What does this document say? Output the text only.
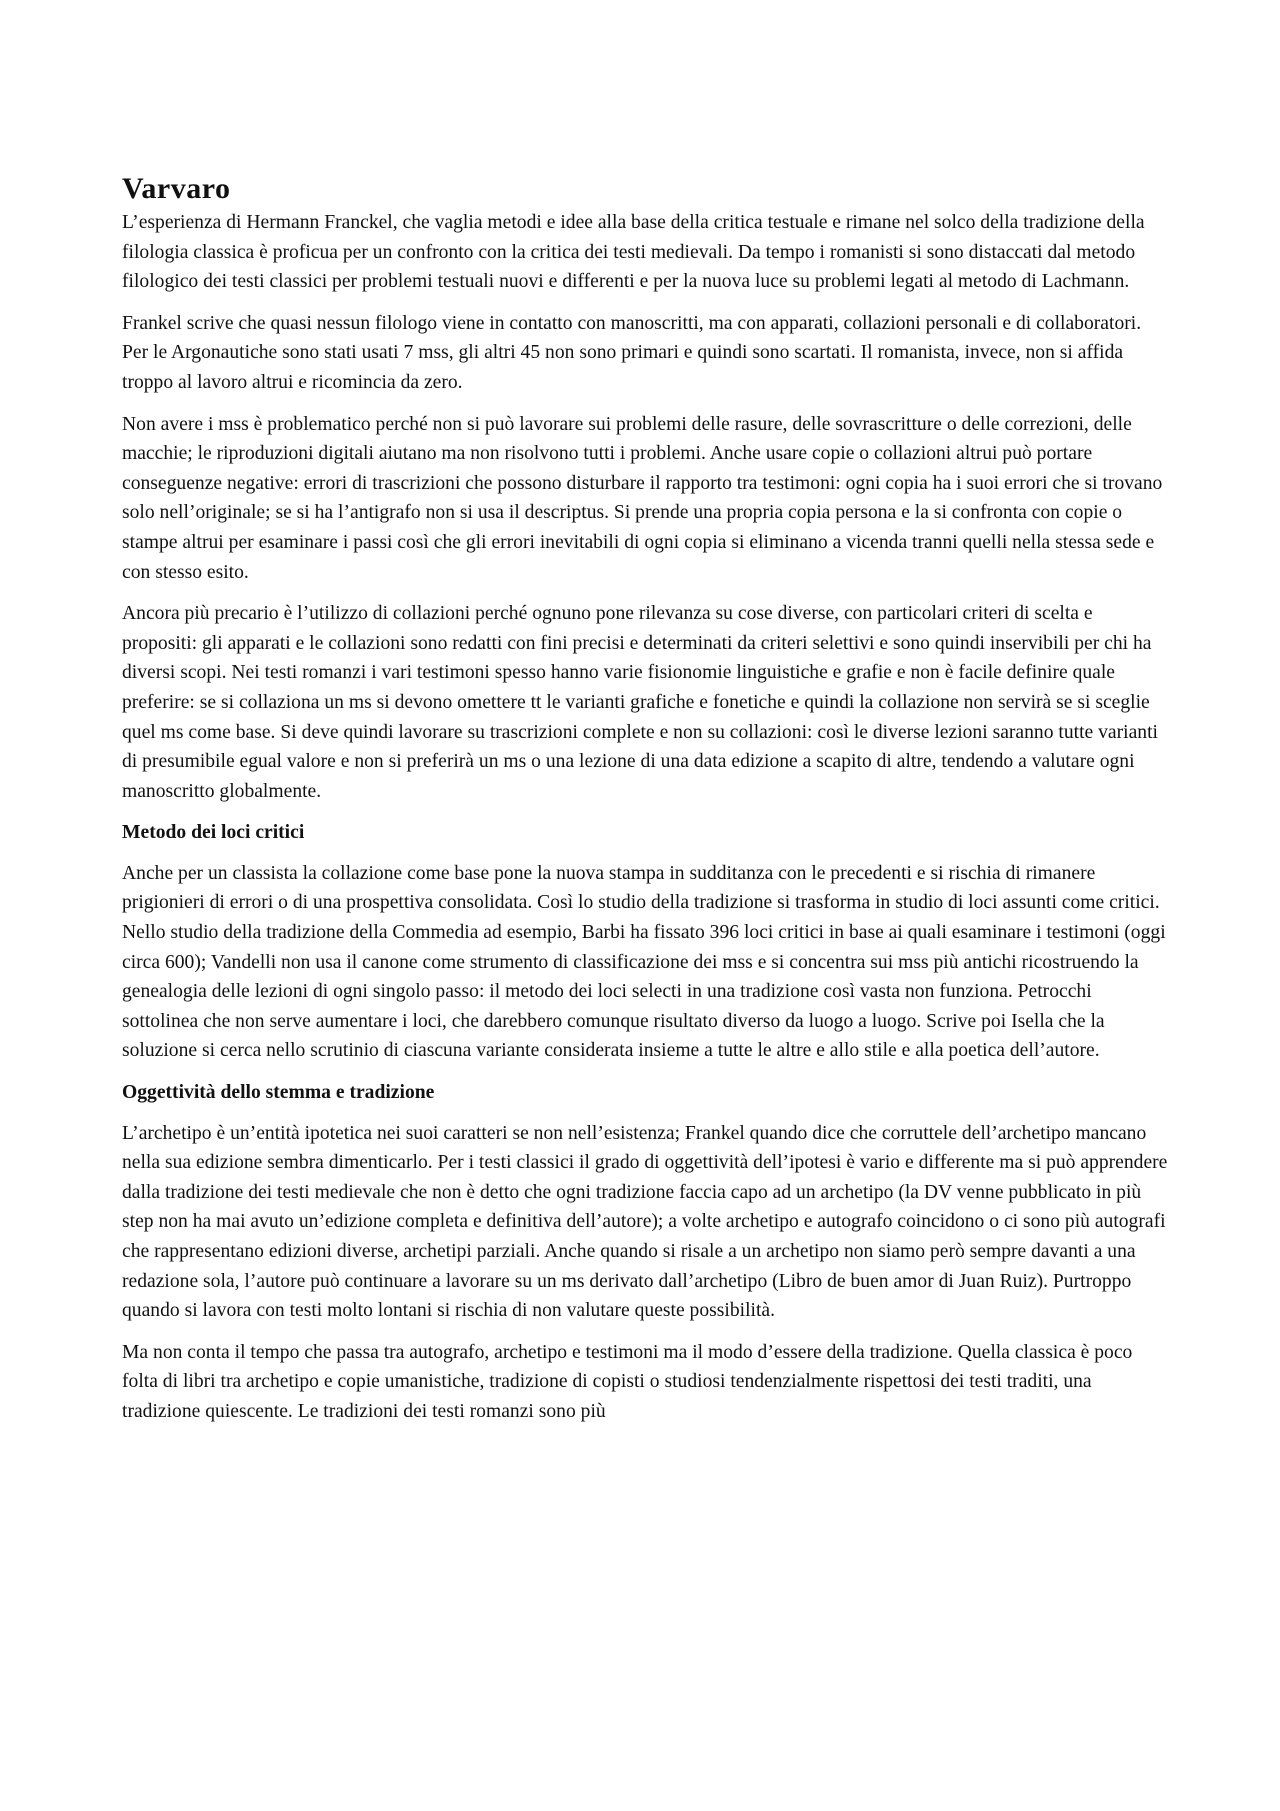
Varvaro

L’esperienza di Hermann Franckel, che vaglia metodi e idee alla base della critica testuale e rimane nel solco della tradizione della filologia classica è proficua per un confronto con la critica dei testi medievali. Da tempo i romanisti si sono distaccati dal metodo filologico dei testi classici per problemi testuali nuovi e differenti e per la nuova luce su problemi legati al metodo di Lachmann.

Frankel scrive che quasi nessun filologo viene in contatto con manoscritti, ma con apparati, collazioni personali e di collaboratori. Per le Argonautiche sono stati usati 7 mss, gli altri 45 non sono primari e quindi sono scartati. Il romanista, invece, non si affida troppo al lavoro altrui e ricomincia da zero.

Non avere i mss è problematico perché non si può lavorare sui problemi delle rasure, delle sovrascritture o delle correzioni, delle macchie; le riproduzioni digitali aiutano ma non risolvono tutti i problemi. Anche usare copie o collazioni altrui può portare conseguenze negative: errori di trascrizioni che possono disturbare il rapporto tra testimoni: ogni copia ha i suoi errori che si trovano solo nell’originale; se si ha l’antigrafo non si usa il descriptus. Si prende una propria copia persona e la si confronta con copie o stampe altrui per esaminare i passi così che gli errori inevitabili di ogni copia si eliminano a vicenda tranni quelli nella stessa sede e con stesso esito.

Ancora più precario è l’utilizzo di collazioni perché ognuno pone rilevanza su cose diverse, con particolari criteri di scelta e propositi: gli apparati e le collazioni sono redatti con fini precisi e determinati da criteri selettivi e sono quindi inservibili per chi ha diversi scopi. Nei testi romanzi i vari testimoni spesso hanno varie fisionomie linguistiche e grafie e non è facile definire quale preferire: se si collaziona un ms si devono omettere tt le varianti grafiche e fonetiche e quindi la collazione non servirà se si sceglie quel ms come base. Si deve quindi lavorare su trascrizioni complete e non su collazioni: così le diverse lezioni saranno tutte varianti di presumibile egual valore e non si preferirà un ms o una lezione di una data edizione a scapito di altre, tendendo a valutare ogni manoscritto globalmente.

Metodo dei loci critici

Anche per un classista la collazione come base pone la nuova stampa in sudditanza con le precedenti e si rischia di rimanere prigionieri di errori o di una prospettiva consolidata. Così lo studio della tradizione si trasforma in studio di loci assunti come critici. Nello studio della tradizione della Commedia ad esempio, Barbi ha fissato 396 loci critici in base ai quali esaminare i testimoni (oggi circa 600); Vandelli non usa il canone come strumento di classificazione dei mss e si concentra sui mss più antichi ricostruendo la genealogia delle lezioni di ogni singolo passo: il metodo dei loci selecti in una tradizione così vasta non funziona. Petrocchi sottolinea che non serve aumentare i loci, che darebbero comunque risultato diverso da luogo a luogo. Scrive poi Isella che la soluzione si cerca nello scrutinio di ciascuna variante considerata insieme a tutte le altre e allo stile e alla poetica dell’autore.

Oggettività dello stemma e tradizione

L’archetipo è un’entità ipotetica nei suoi caratteri se non nell’esistenza; Frankel quando dice che corruttele dell’archetipo mancano nella sua edizione sembra dimenticarlo. Per i testi classici il grado di oggettività dell’ipotesi è vario e differente ma si può apprendere dalla tradizione dei testi medievale che non è detto che ogni tradizione faccia capo ad un archetipo (la DV venne pubblicato in più step non ha mai avuto un’edizione completa e definitiva dell’autore); a volte archetipo e autografo coincidono o ci sono più autografi che rappresentano edizioni diverse, archetipi parziali. Anche quando si risale a un archetipo non siamo però sempre davanti a una redazione sola, l’autore può continuare a lavorare su un ms derivato dall’archetipo (Libro de buen amor di Juan Ruiz). Purtroppo quando si lavora con testi molto lontani si rischia di non valutare queste possibilità.

Ma non conta il tempo che passa tra autografo, archetipo e testimoni ma il modo d’essere della tradizione. Quella classica è poco folta di libri tra archetipo e copie umanistiche, tradizione di copisti o studiosi tendenzialmente rispettosi dei testi traditi, una tradizione quiescente. Le tradizioni dei testi romanzi sono più
